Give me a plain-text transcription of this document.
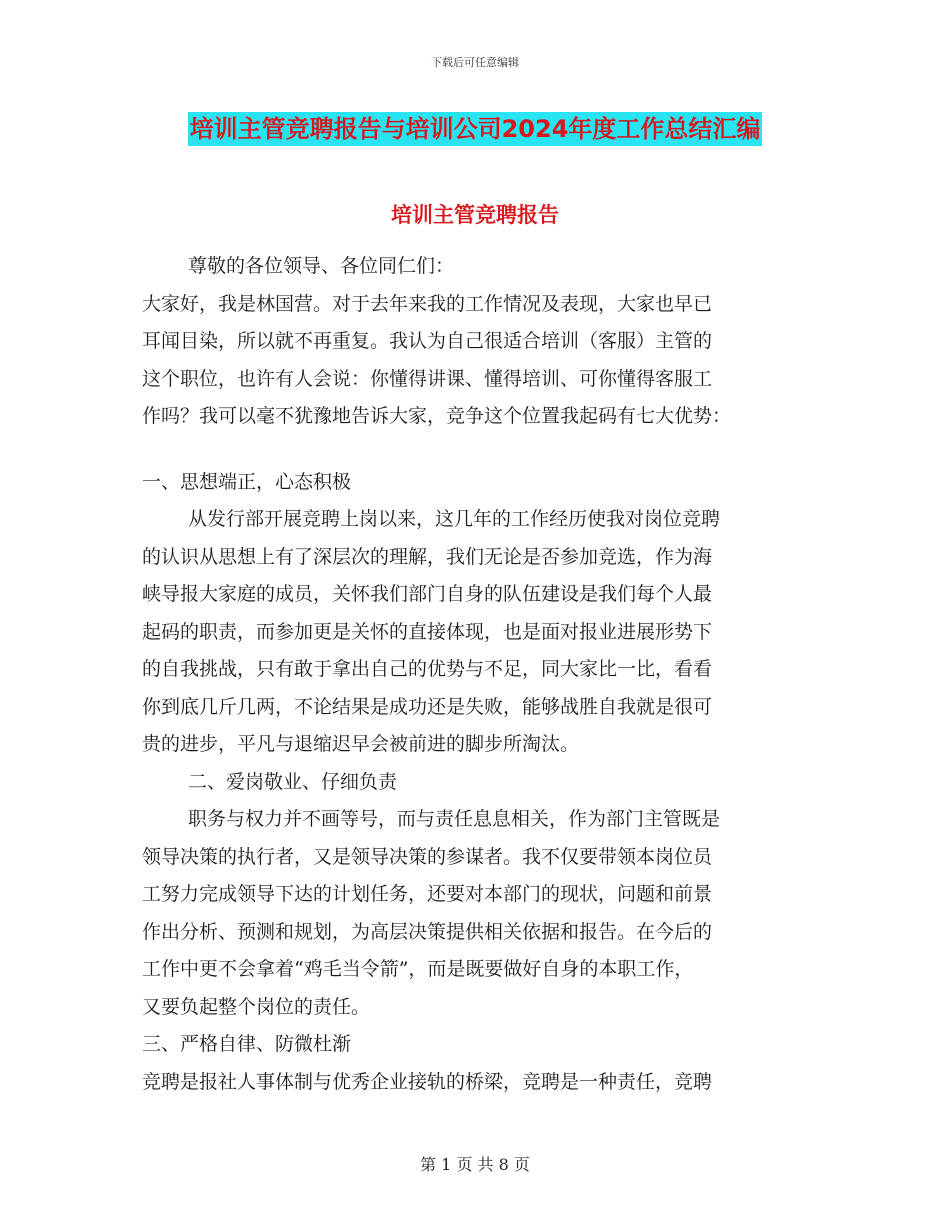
下载后可任意编辑
培训主管竞聘报告与培训公司2024年度工作总结汇编
培训主管竞聘报告
尊敬的各位领导、各位同仁们：
大家好，我是林国营。对于去年来我的工作情况及表现，大家也早已
耳闻目染，所以就不再重复。我认为自己很适合培训（客服）主管的
这个职位，也许有人会说：你懂得讲课、懂得培训、可你懂得客服工
作吗？我可以毫不犹豫地告诉大家，竞争这个位置我起码有七大优势：
一、思想端正，心态积极
从发行部开展竞聘上岗以来，这几年的工作经历使我对岗位竞聘
的认识从思想上有了深层次的理解，我们无论是否参加竞选，作为海
峡导报大家庭的成员，关怀我们部门自身的队伍建设是我们每个人最
起码的职责，而参加更是关怀的直接体现，也是面对报业进展形势下
的自我挑战，只有敢于拿出自己的优势与不足，同大家比一比，看看
你到底几斤几两，不论结果是成功还是失败，能够战胜自我就是很可
贵的进步，平凡与退缩迟早会被前进的脚步所淘汰。
二、爱岗敬业、仔细负责
职务与权力并不画等号，而与责任息息相关，作为部门主管既是
领导决策的执行者，又是领导决策的参谋者。我不仅要带领本岗位员
工努力完成领导下达的计划任务，还要对本部门的现状，问题和前景
作出分析、预测和规划，为高层决策提供相关依据和报告。在今后的
工作中更不会拿着“鸡毛当令箭”，而是既要做好自身的本职工作，
又要负起整个岗位的责任。
三、严格自律、防微杜渐
竞聘是报社人事体制与优秀企业接轨的桥梁，竞聘是一种责任，竞聘
第 1 页 共 8 页
